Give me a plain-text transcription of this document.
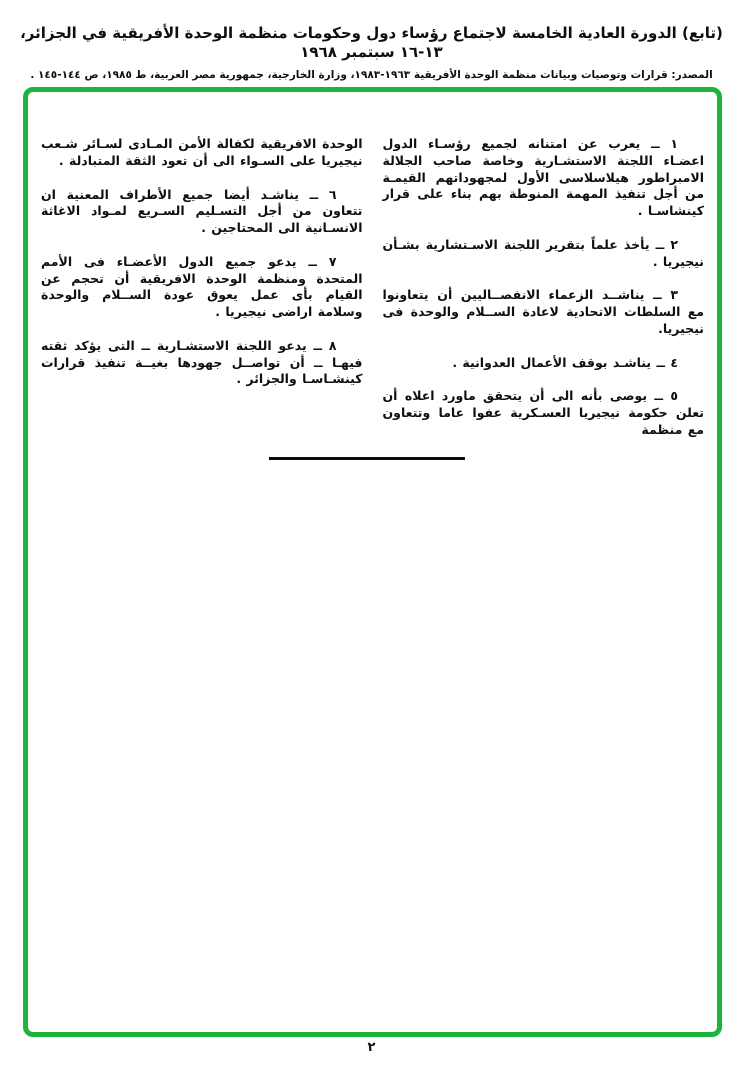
(تابع) الدورة العادية الخامسة لاجتماع رؤساء دول وحكومات منظمة الوحدة الأفريقية في الجزائر، ١٣-١٦ سبتمبر ١٩٦٨
المصدر: قرارات وتوصيات وبيانات منظمة الوحدة الأفريقية ١٩٦٣-١٩٨٣، وزارة الخارجية، جمهورية مصر العربية، ط ١٩٨٥، ص ١٤٤-١٤٥ .

١ ــ يعرب عن امتنانه لجميع رؤسـاء الدول اعضـاء اللجنة الاستشـارية وخاصة صاحب الجلالة الامبراطور هيلاسلاسى الأول لمجهوداتهم القيمـة من أجل تنفيذ المهمة المنوطة بهم بناء على قرار كينشاسـا .

٢ ــ يأخذ علماً بتقرير اللجنة الاسـتشارية بشـأن نيجيريا .

٣ ــ يناشــد الزعماء الانفصــاليين أن يتعاونوا مع السلطات الاتحادية لاعادة الســلام والوحدة فى نيجيريا.

٤ ــ يناشـد بوقف الأعمال العدوانية .

٥ ــ يوصى بأنه الى أن يتحقق ماورد اعلاه أن تعلن حكومة نيجيريا العسـكرية عفوا عاما وتتعاون مع منظمة

الوحدة الافريقية لكفالة الأمن المـادى لسـائر شـعب نيجيريا على السـواء الى أن تعود الثقة المتبادلة .

٦ ــ يناشـد أيضا جميع الأطراف المعنية ان تتعاون من أجل التسـليم السـريع لمـواد الاغاثة الانسـانية الى المحتاجين .

٧ ــ يدعو جميع الدول الأعضـاء فى الأمم المتحدة ومنظمة الوحدة الافريقية أن تحجم عن القيام بأى عمل يعوق عودة الســلام والوحدة وسلامة اراضى نيجيريا .

٨ ــ يدعو اللجنة الاستشـارية ــ التى يؤكد ثقته فيهـا ــ أن تواصــل جهودها بغيــة تنفيذ قرارات كينشـاسـا والجزائر .

٢
